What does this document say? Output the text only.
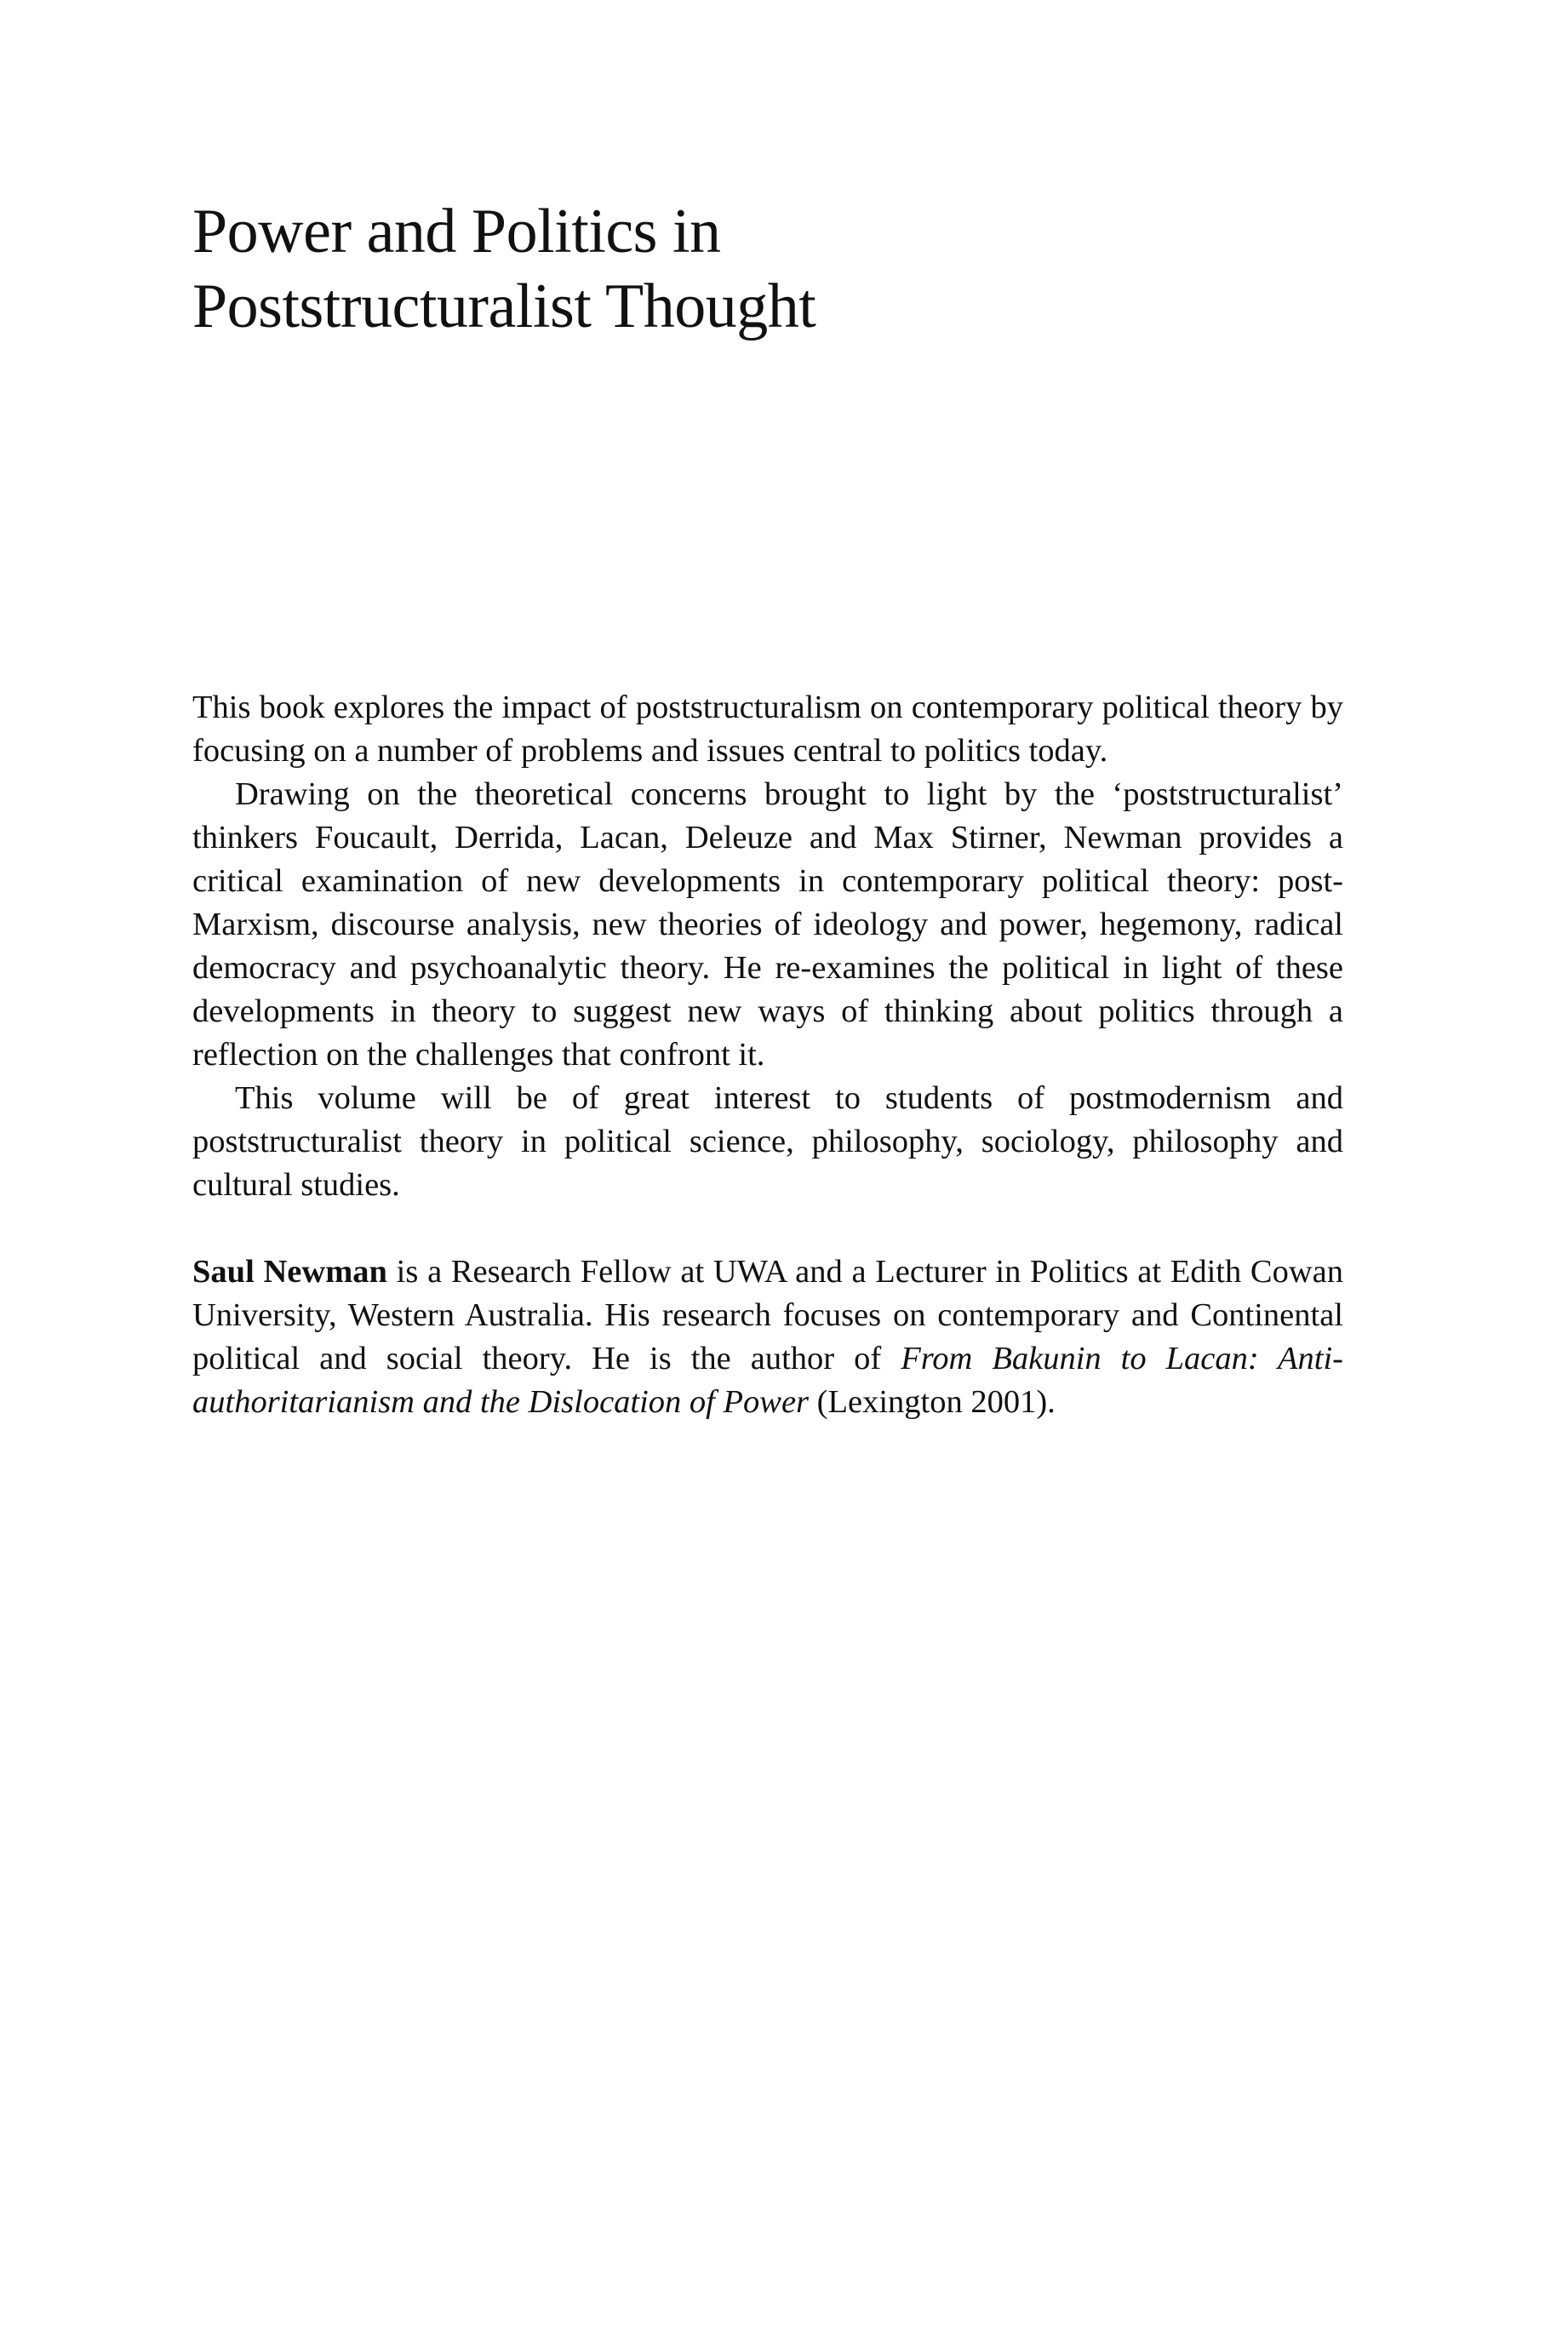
Power and Politics in
Poststructuralist Thought

This book explores the impact of poststructuralism on contemporary political theory by focusing on a number of problems and issues central to politics today.

Drawing on the theoretical concerns brought to light by the ‘poststructuralist’ thinkers Foucault, Derrida, Lacan, Deleuze and Max Stirner, Newman provides a critical examination of new developments in contemporary political theory: post-Marxism, discourse analysis, new theories of ideology and power, hegemony, radical democracy and psychoanalytic theory. He re-examines the political in light of these developments in theory to suggest new ways of thinking about politics through a reflection on the challenges that confront it.

This volume will be of great interest to students of postmodernism and poststructuralist theory in political science, philosophy, sociology, philosophy and cultural studies.

Saul Newman is a Research Fellow at UWA and a Lecturer in Politics at Edith Cowan University, Western Australia. His research focuses on contemporary and Continental political and social theory. He is the author of From Bakunin to Lacan: Anti-authoritarianism and the Dislocation of Power (Lexington 2001).
